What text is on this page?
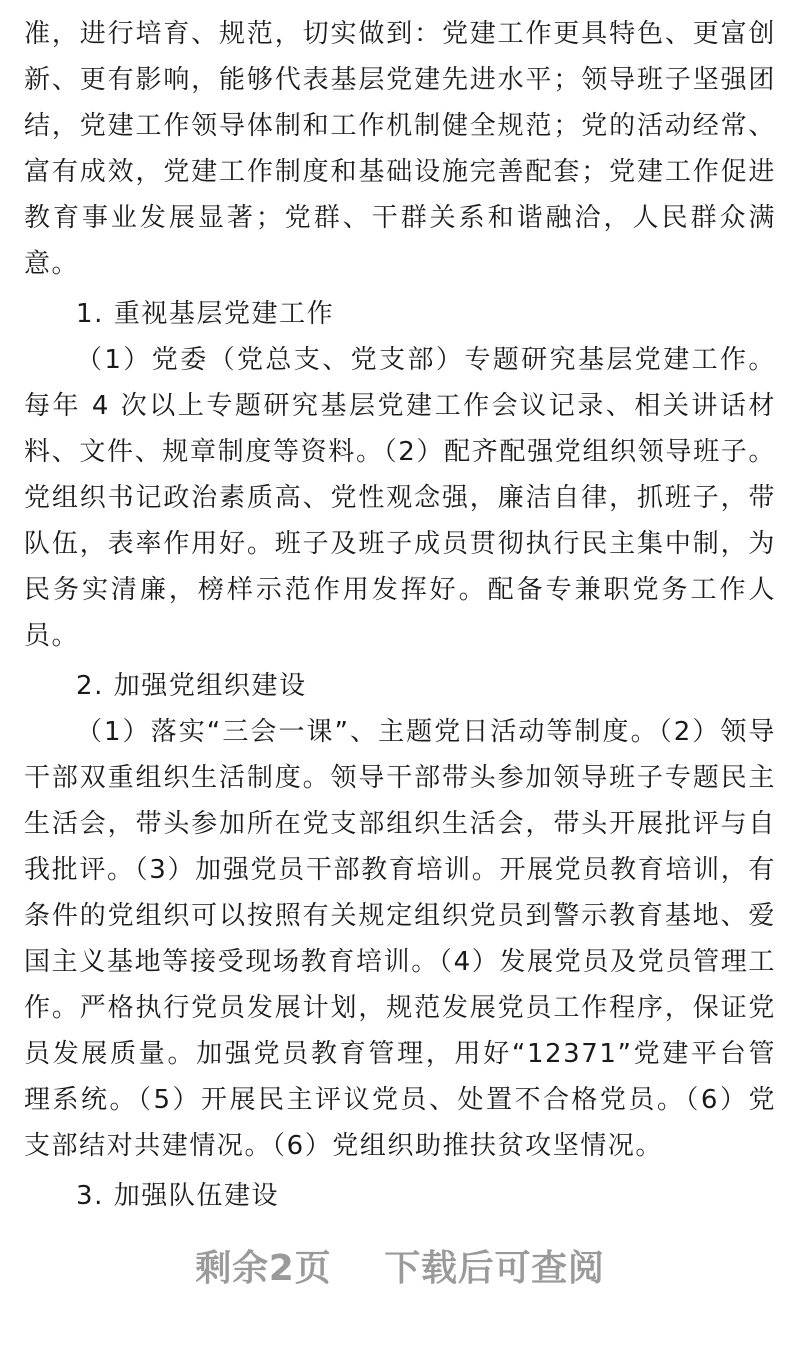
准，进行培育、规范，切实做到：党建工作更具特色、更富创新、更有影响，能够代表基层党建先进水平；领导班子坚强团结，党建工作领导体制和工作机制健全规范；党的活动经常、富有成效，党建工作制度和基础设施完善配套；党建工作促进教育事业发展显著；党群、干群关系和谐融洽，人民群众满意。

1. 重视基层党建工作

（1）党委（党总支、党支部）专题研究基层党建工作。每年 4 次以上专题研究基层党建工作会议记录、相关讲话材料、文件、规章制度等资料。（2）配齐配强党组织领导班子。党组织书记政治素质高、党性观念强，廉洁自律，抓班子，带队伍，表率作用好。班子及班子成员贯彻执行民主集中制，为民务实清廉，榜样示范作用发挥好。配备专兼职党务工作人员。

2. 加强党组织建设

（1）落实“三会一课”、主题党日活动等制度。（2）领导干部双重组织生活制度。领导干部带头参加领导班子专题民主生活会，带头参加所在党支部组织生活会，带头开展批评与自我批评。（3）加强党员干部教育培训。开展党员教育培训，有条件的党组织可以按照有关规定组织党员到警示教育基地、爱国主义基地等接受现场教育培训。（4）发展党员及党员管理工作。严格执行党员发展计划，规范发展党员工作程序，保证党员发展质量。加强党员教育管理，用好“12371”党建平台管理系统。（5）开展民主评议党员、处置不合格党员。（6）党支部结对共建情况。（6）党组织助推扶贫攻坚情况。

3. 加强队伍建设

剩余2页    下载后可查阅
